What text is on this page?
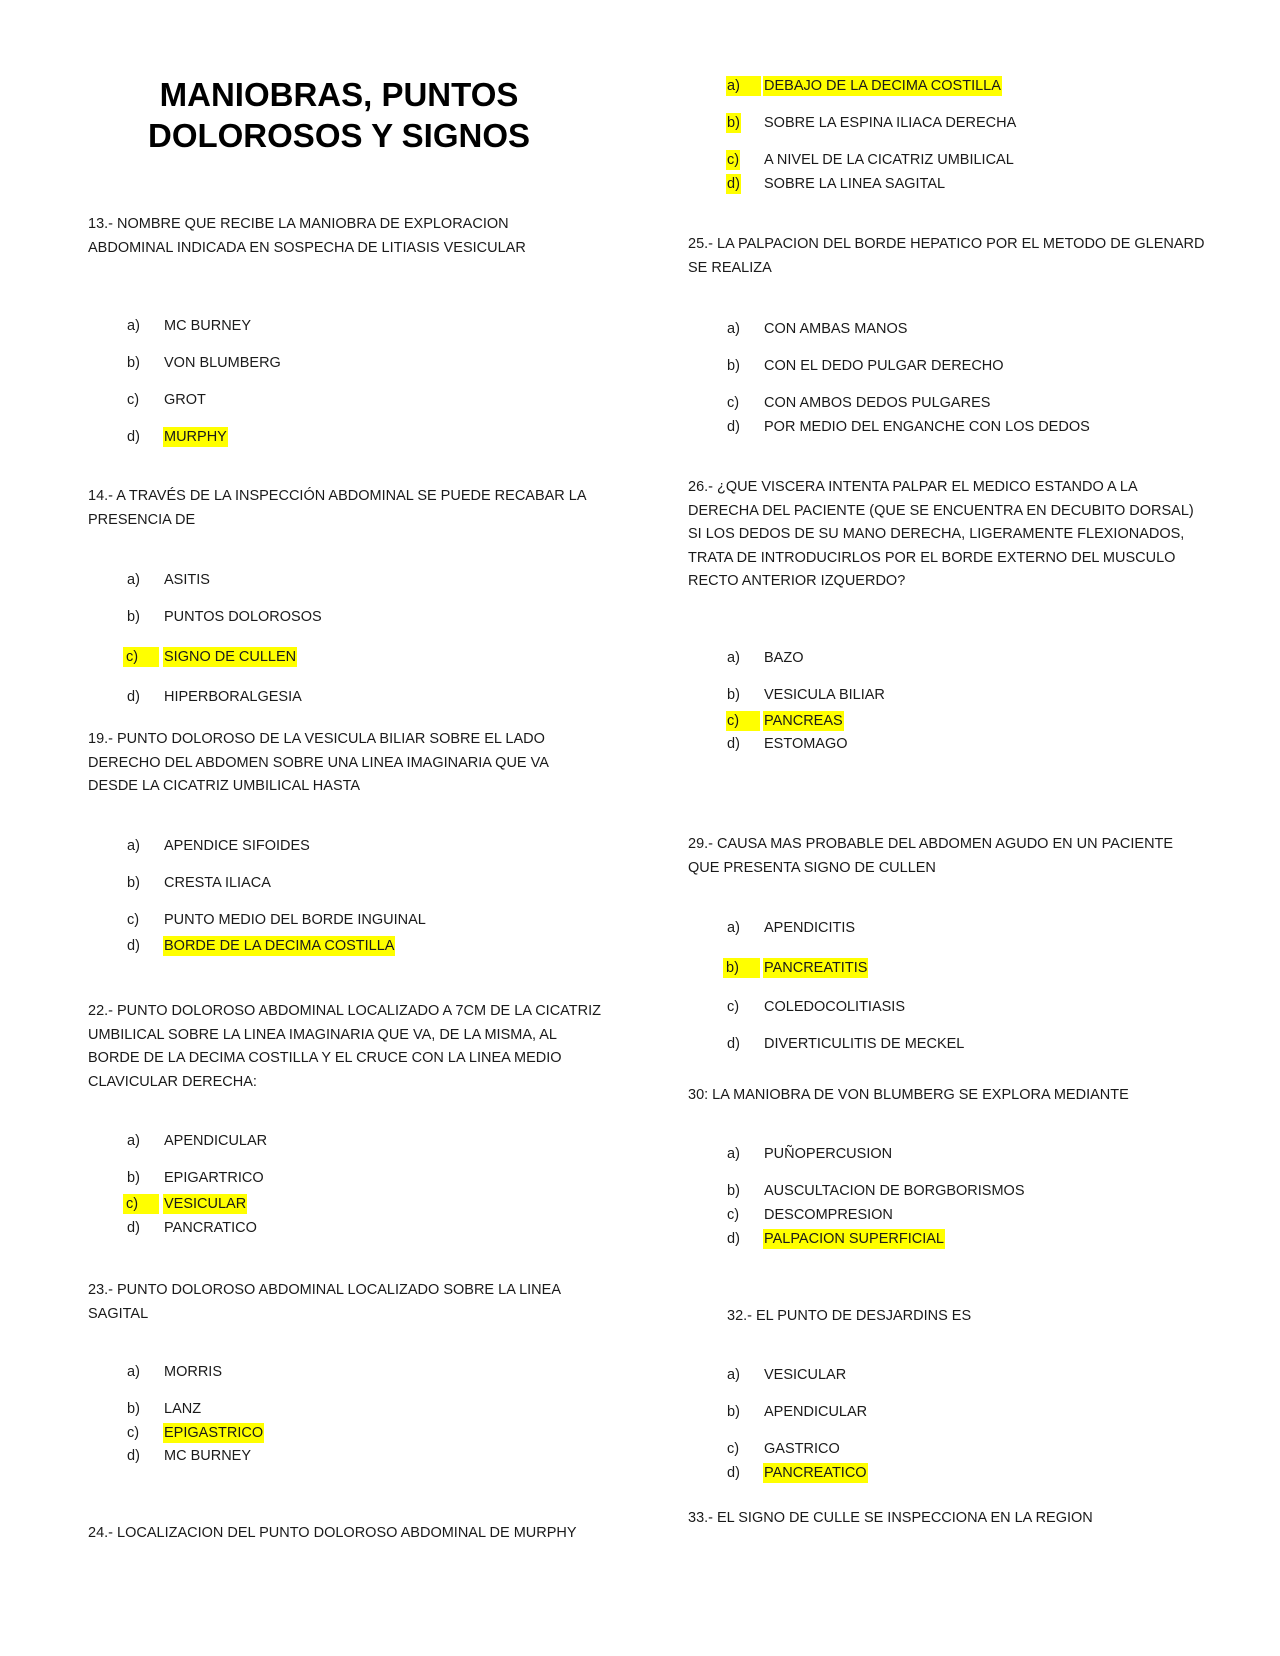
MANIOBRAS, PUNTOS DOLOROSOS Y SIGNOS
13.- NOMBRE QUE RECIBE LA MANIOBRA DE EXPLORACION ABDOMINAL INDICADA EN SOSPECHA DE LITIASIS VESICULAR
a) MC BURNEY
b) VON BLUMBERG
c) GROT
d) MURPHY
14.- A TRAVÉS DE LA INSPECCIÓN ABDOMINAL SE PUEDE RECABAR LA PRESENCIA DE
a) ASITIS
b) PUNTOS DOLOROSOS
c)	SIGNO DE CULLEN
d) HIPERBORALGESIA
19.- PUNTO DOLOROSO DE LA VESICULA BILIAR SOBRE EL LADO DERECHO DEL ABDOMEN SOBRE UNA LINEA IMAGINARIA QUE VA DESDE LA CICATRIZ UMBILICAL HASTA
a) APENDICE SIFOIDES
b) CRESTA ILIACA
c) PUNTO MEDIO DEL BORDE INGUINAL
d) BORDE DE LA DECIMA COSTILLA
22.- PUNTO DOLOROSO ABDOMINAL LOCALIZADO A 7CM DE LA CICATRIZ UMBILICAL SOBRE LA LINEA IMAGINARIA QUE VA, DE LA MISMA, AL BORDE DE LA DECIMA COSTILLA Y EL CRUCE CON LA LINEA MEDIO CLAVICULAR DERECHA:
a) APENDICULAR
b) EPIGARTRICO
c)	VESICULAR
d) PANCRATICO
23.- PUNTO DOLOROSO ABDOMINAL LOCALIZADO SOBRE LA LINEA SAGITAL
a) MORRIS
b) LANZ
c) EPIGASTRICO
d) MC BURNEY
24.- LOCALIZACION DEL PUNTO DOLOROSO ABDOMINAL DE MURPHY
a)	DEBAJO DE LA DECIMA COSTILLA
b) SOBRE LA ESPINA ILIACA DERECHA
c) A NIVEL DE LA CICATRIZ UMBILICAL
d) SOBRE LA LINEA SAGITAL
25.- LA PALPACION DEL BORDE HEPATICO POR EL METODO DE GLENARD SE REALIZA
a) CON AMBAS MANOS
b) CON EL DEDO PULGAR DERECHO
c) CON AMBOS DEDOS PULGARES
d) POR MEDIO DEL ENGANCHE CON LOS DEDOS
26.- ¿QUE VISCERA INTENTA PALPAR EL MEDICO ESTANDO A LA DERECHA DEL PACIENTE (QUE SE ENCUENTRA EN DECUBITO DORSAL) SI LOS DEDOS DE SU MANO DERECHA, LIGERAMENTE FLEXIONADOS, TRATA DE INTRODUCIRLOS POR EL BORDE EXTERNO DEL MUSCULO RECTO ANTERIOR IZQUERDO?
a) BAZO
b) VESICULA BILIAR
c)	PANCREAS
d) ESTOMAGO
29.- CAUSA MAS PROBABLE DEL ABDOMEN AGUDO EN UN PACIENTE QUE PRESENTA SIGNO DE CULLEN
a) APENDICITIS
b)	PANCREATITIS
c) COLEDOCOLITIASIS
d) DIVERTICULITIS DE MECKEL
30: LA MANIOBRA DE VON BLUMBERG SE EXPLORA MEDIANTE
a) PUÑOPERCUSION
b) AUSCULTACION DE BORGBORISMOS
c) DESCOMPRESION
d) PALPACION SUPERFICIAL
32.- EL PUNTO DE DESJARDINS ES
a) VESICULAR
b) APENDICULAR
c) GASTRICO
d) PANCREATICO
33.- EL SIGNO DE CULLE SE INSPECCIONA EN LA REGION
